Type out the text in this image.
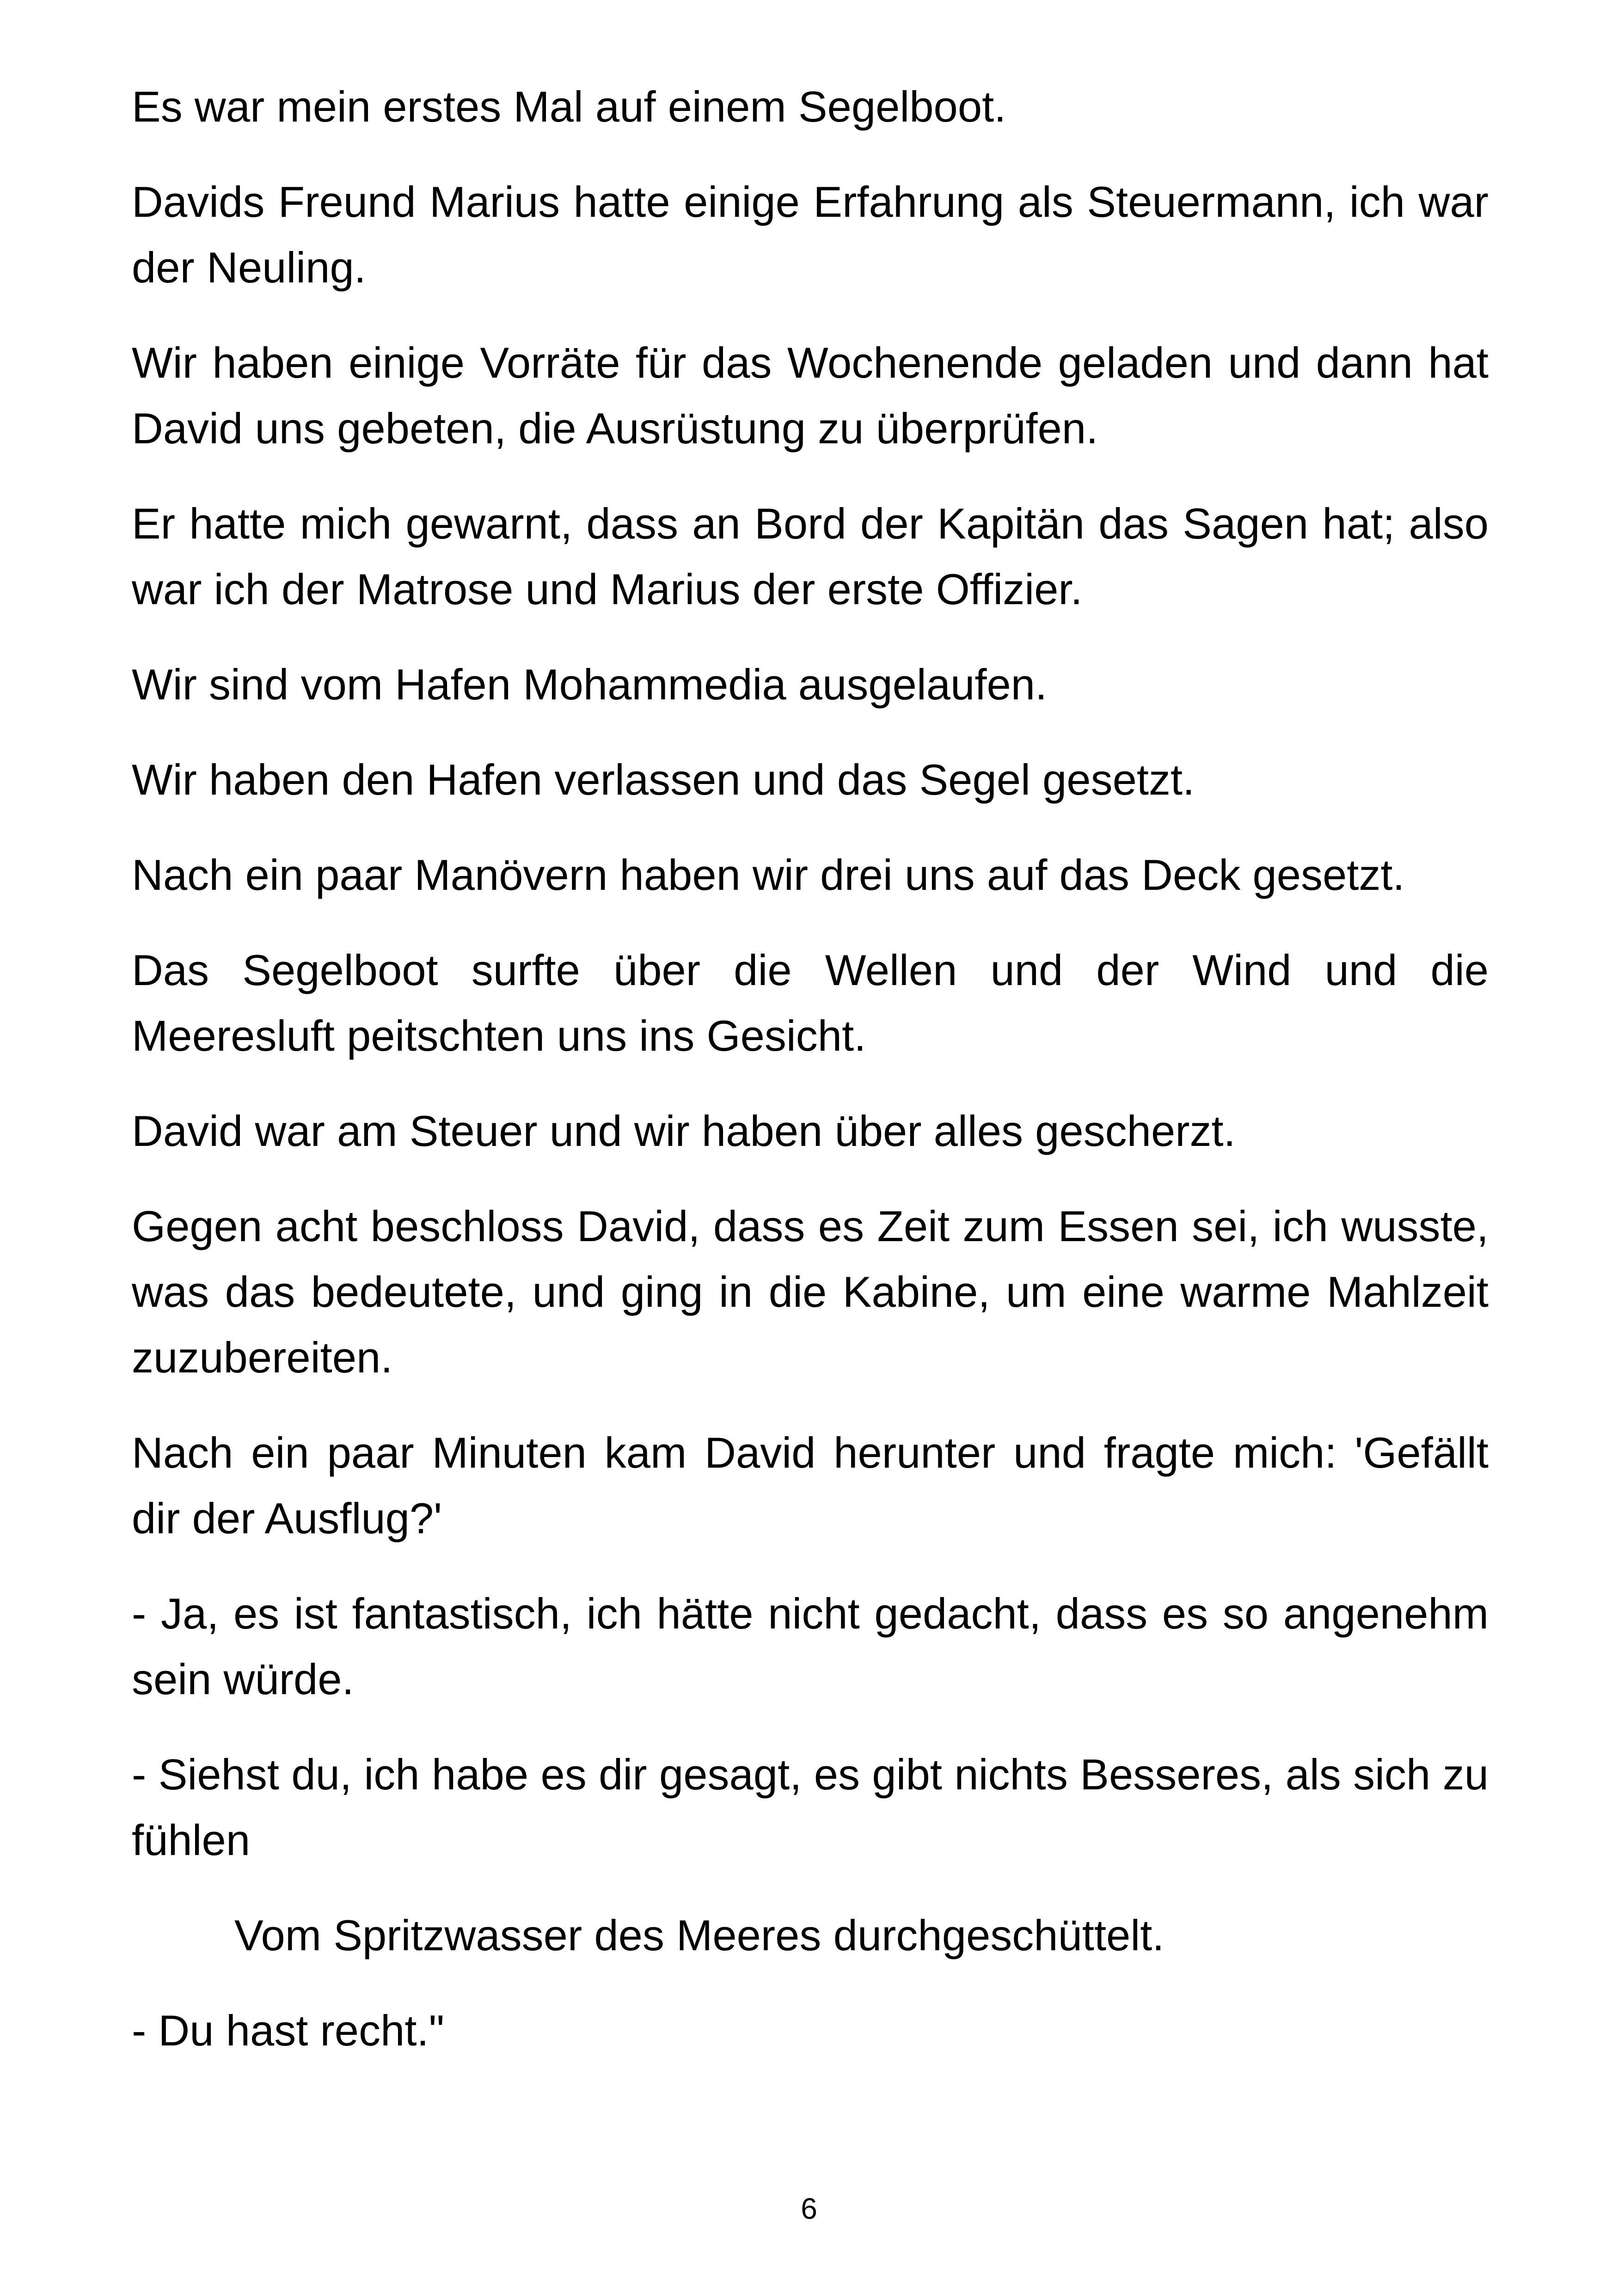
Es war mein erstes Mal auf einem Segelboot.

Davids Freund Marius hatte einige Erfahrung als Steuermann, ich war der Neuling.

Wir haben einige Vorräte für das Wochenende geladen und dann hat David uns gebeten, die Ausrüstung zu überprüfen.

Er hatte mich gewarnt, dass an Bord der Kapitän das Sagen hat; also war ich der Matrose und Marius der erste Offizier.

Wir sind vom Hafen Mohammedia ausgelaufen.

Wir haben den Hafen verlassen und das Segel gesetzt.

Nach ein paar Manövern haben wir drei uns auf das Deck gesetzt.

Das Segelboot surfte über die Wellen und der Wind und die Meeresluft peitschten uns ins Gesicht.

David war am Steuer und wir haben über alles gescherzt.

Gegen acht beschloss David, dass es Zeit zum Essen sei, ich wusste, was das bedeutete, und ging in die Kabine, um eine warme Mahlzeit zuzubereiten.

Nach ein paar Minuten kam David herunter und fragte mich: 'Gefällt dir der Ausflug?'

- Ja, es ist fantastisch, ich hätte nicht gedacht, dass es so angenehm sein würde.

- Siehst du, ich habe es dir gesagt, es gibt nichts Besseres, als sich zu fühlen

Vom Spritzwasser des Meeres durchgeschüttelt.

- Du hast recht."

6
